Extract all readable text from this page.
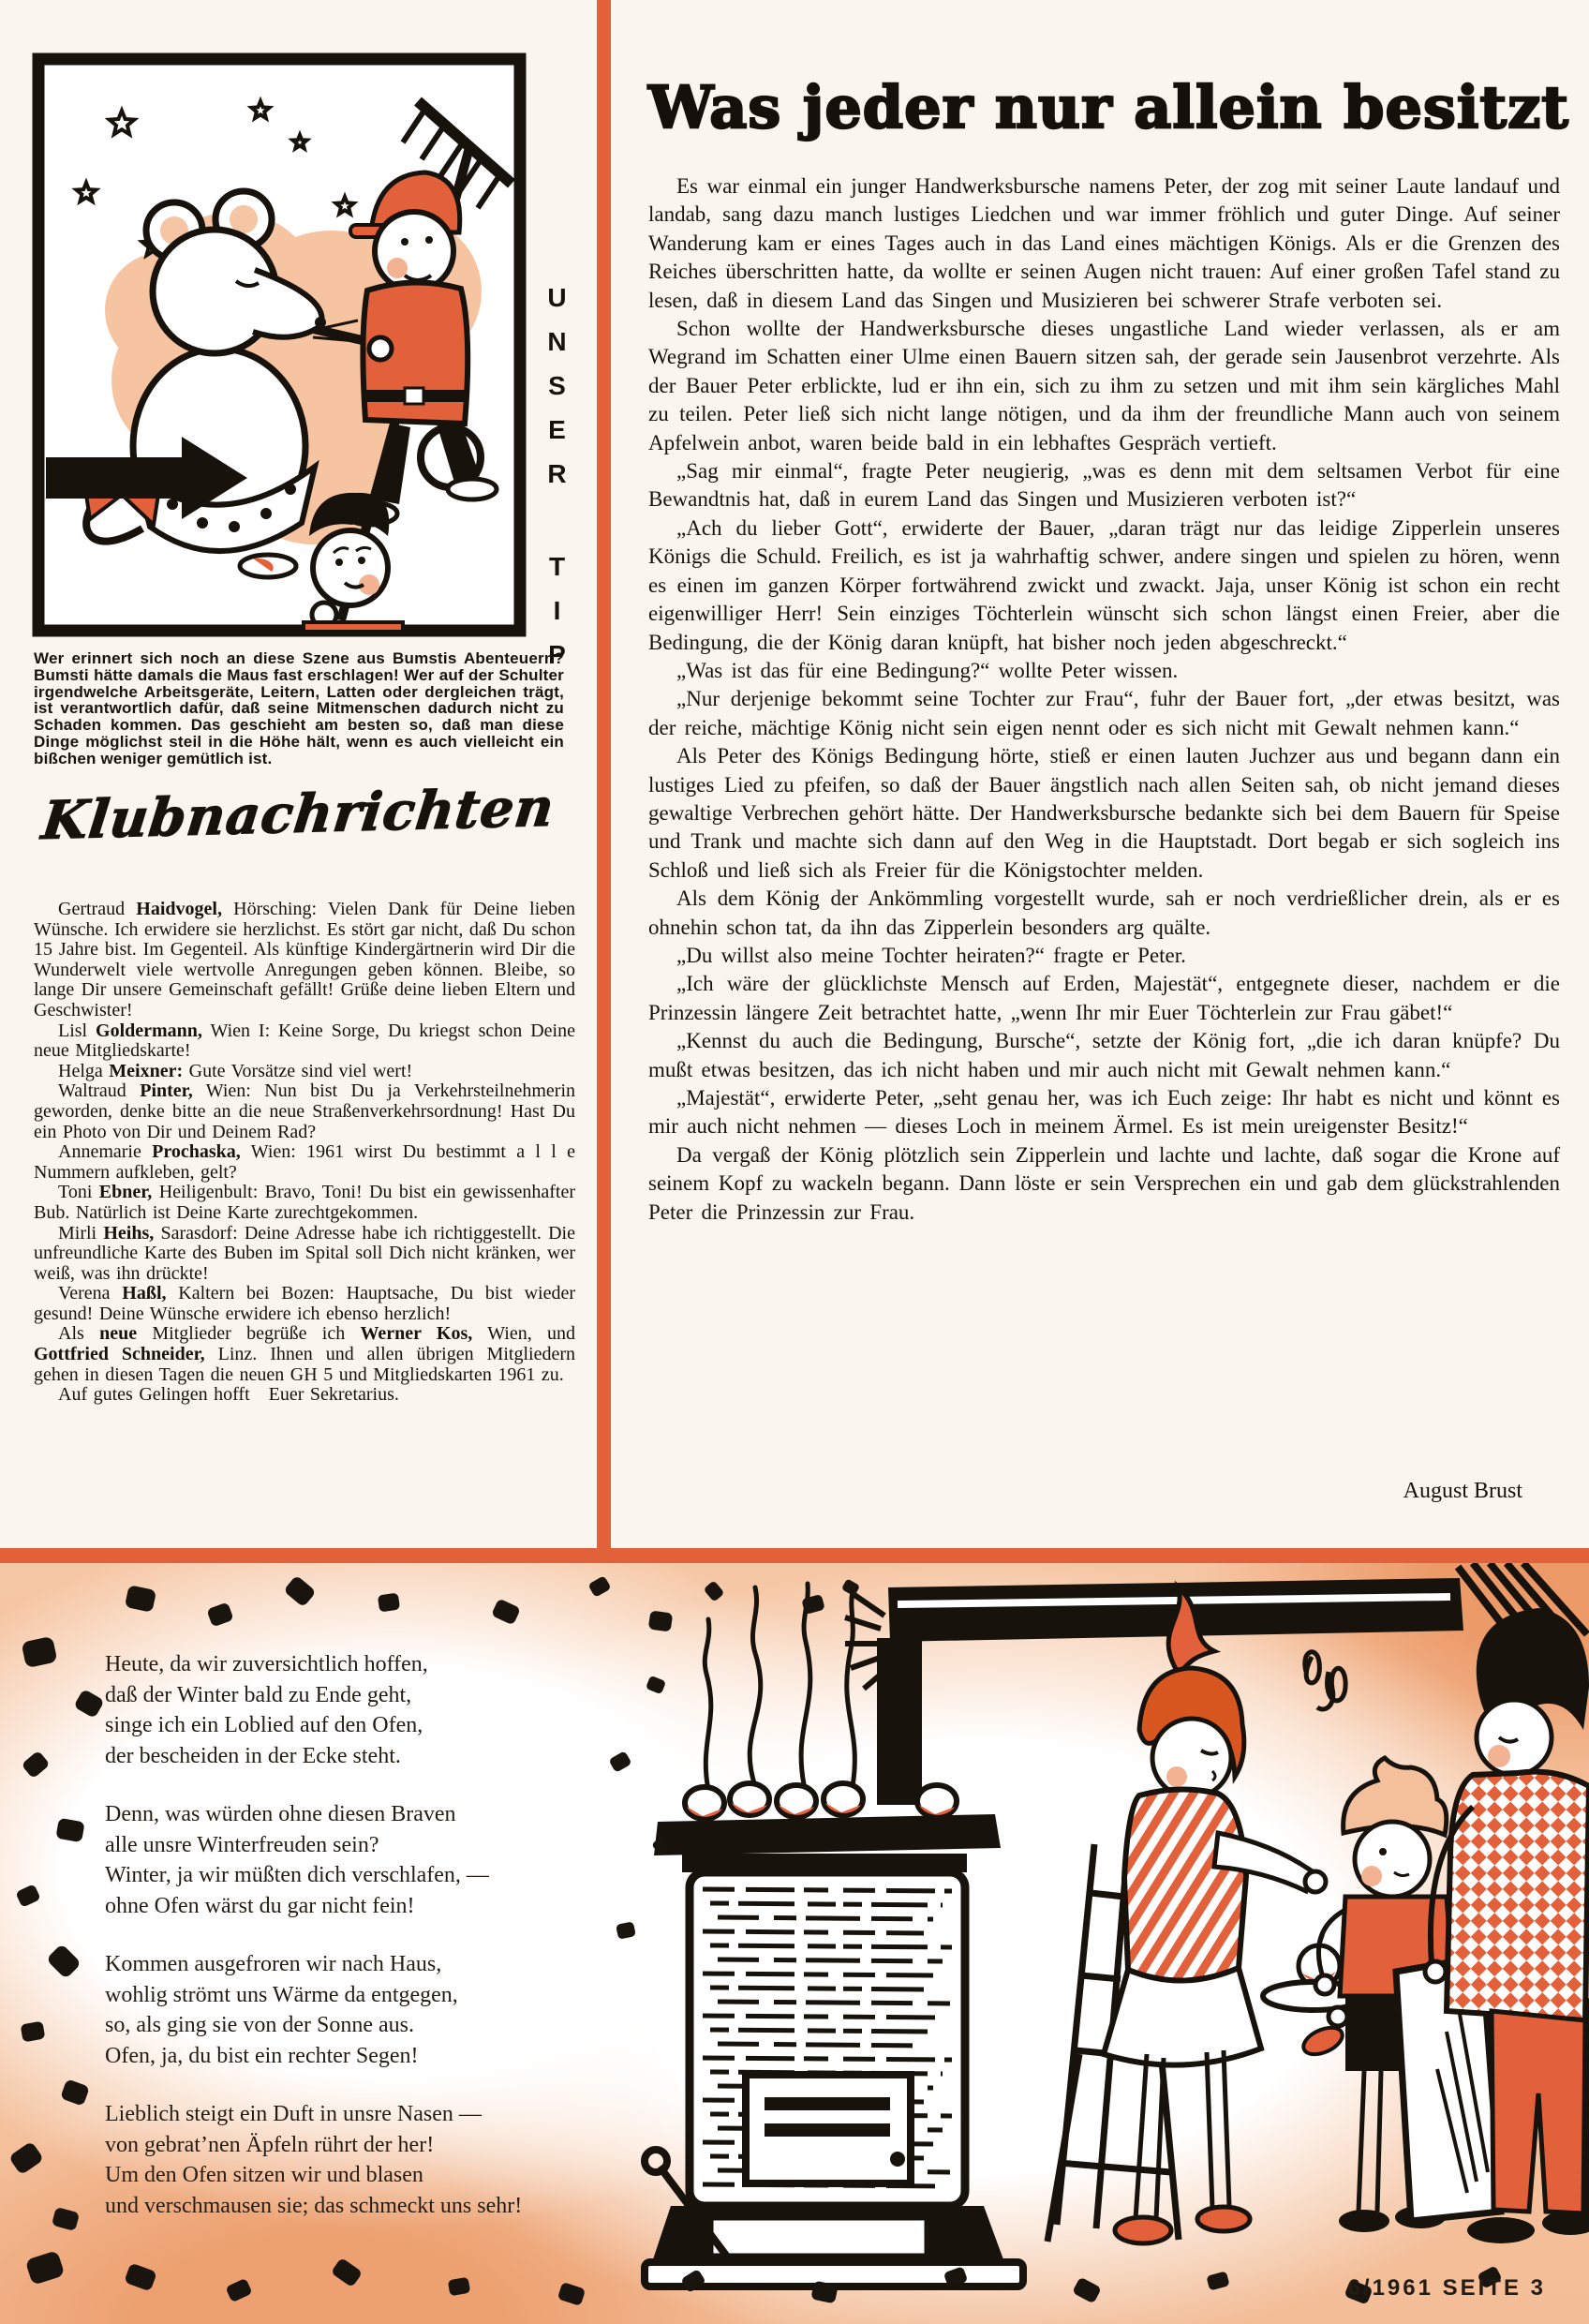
UNSER
TIP

Wer erinnert sich noch an diese Szene aus Bumstis Abenteuern? Bumsti hätte damals die Maus fast erschlagen! Wer auf der Schulter irgendwelche Arbeitsgeräte, Leitern, Latten oder dergleichen trägt, ist verantwortlich dafür, daß seine Mitmenschen dadurch nicht zu Schaden kommen. Das geschieht am besten so, daß man diese Dinge möglichst steil in die Höhe hält, wenn es auch vielleicht ein bißchen weniger gemütlich ist.

Klubnachrichten

Gertraud Haidvogel, Hörsching: Vielen Dank für Deine lieben Wünsche. Ich erwidere sie herzlichst. Es stört gar nicht, daß Du schon 15 Jahre bist. Im Gegenteil. Als künftige Kindergärtnerin wird Dir die Wunderwelt viele wertvolle Anregungen geben können. Bleibe, so lange Dir unsere Gemeinschaft gefällt! Grüße deine lieben Eltern und Geschwister!

Lisl Goldermann, Wien I: Keine Sorge, Du kriegst schon Deine neue Mitgliedskarte!

Helga Meixner: Gute Vorsätze sind viel wert!

Waltraud Pinter, Wien: Nun bist Du ja Verkehrsteilnehmerin geworden, denke bitte an die neue Straßenverkehrsordnung! Hast Du ein Photo von Dir und Deinem Rad?

Annemarie Prochaska, Wien: 1961 wirst Du bestimmt a l l e Nummern aufkleben, gelt?

Toni Ebner, Heiligenbult: Bravo, Toni! Du bist ein gewissenhafter Bub. Natürlich ist Deine Karte zurechtgekommen.

Mirli Heihs, Sarasdorf: Deine Adresse habe ich richtiggestellt. Die unfreundliche Karte des Buben im Spital soll Dich nicht kränken, wer weiß, was ihn drückte!

Verena Haßl, Kaltern bei Bozen: Hauptsache, Du bist wieder gesund! Deine Wünsche erwidere ich ebenso herzlich!

Als neue Mitglieder begrüße ich Werner Kos, Wien, und Gottfried Schneider, Linz. Ihnen und allen übrigen Mitgliedern gehen in diesen Tagen die neuen GH 5 und Mitgliedskarten 1961 zu.

Auf gutes Gelingen hofft  Euer Sekretarius.

Was jeder nur allein besitzt

Es war einmal ein junger Handwerksbursche namens Peter, der zog mit seiner Laute landauf und landab, sang dazu manch lustiges Liedchen und war immer fröhlich und guter Dinge. Auf seiner Wanderung kam er eines Tages auch in das Land eines mächtigen Königs. Als er die Grenzen des Reiches überschritten hatte, da wollte er seinen Augen nicht trauen: Auf einer großen Tafel stand zu lesen, daß in diesem Land das Singen und Musizieren bei schwerer Strafe verboten sei.

Schon wollte der Handwerksbursche dieses ungastliche Land wieder verlassen, als er am Wegrand im Schatten einer Ulme einen Bauern sitzen sah, der gerade sein Jausenbrot verzehrte. Als der Bauer Peter erblickte, lud er ihn ein, sich zu ihm zu setzen und mit ihm sein kärgliches Mahl zu teilen. Peter ließ sich nicht lange nötigen, und da ihm der freundliche Mann auch von seinem Apfelwein anbot, waren beide bald in ein lebhaftes Gespräch vertieft.

„Sag mir einmal“, fragte Peter neugierig, „was es denn mit dem seltsamen Verbot für eine Bewandtnis hat, daß in eurem Land das Singen und Musizieren verboten ist?“

„Ach du lieber Gott“, erwiderte der Bauer, „daran trägt nur das leidige Zipperlein unseres Königs die Schuld. Freilich, es ist ja wahrhaftig schwer, andere singen und spielen zu hören, wenn es einen im ganzen Körper fortwährend zwickt und zwackt. Jaja, unser König ist schon ein recht eigenwilliger Herr! Sein einziges Töchterlein wünscht sich schon längst einen Freier, aber die Bedingung, die der König daran knüpft, hat bisher noch jeden abgeschreckt.“

„Was ist das für eine Bedingung?“ wollte Peter wissen.

„Nur derjenige bekommt seine Tochter zur Frau“, fuhr der Bauer fort, „der etwas besitzt, was der reiche, mächtige König nicht sein eigen nennt oder es sich nicht mit Gewalt nehmen kann.“

Als Peter des Königs Bedingung hörte, stieß er einen lauten Juchzer aus und begann dann ein lustiges Lied zu pfeifen, so daß der Bauer ängstlich nach allen Seiten sah, ob nicht jemand dieses gewaltige Verbrechen gehört hätte. Der Handwerksbursche bedankte sich bei dem Bauern für Speise und Trank und machte sich dann auf den Weg in die Hauptstadt. Dort begab er sich sogleich ins Schloß und ließ sich als Freier für die Königstochter melden.

Als dem König der Ankömmling vorgestellt wurde, sah er noch verdrießlicher drein, als er es ohnehin schon tat, da ihn das Zipperlein besonders arg quälte.

„Du willst also meine Tochter heiraten?“ fragte er Peter.

„Ich wäre der glücklichste Mensch auf Erden, Majestät“, entgegnete dieser, nachdem er die Prinzessin längere Zeit betrachtet hatte, „wenn Ihr mir Euer Töchterlein zur Frau gäbet!“

„Kennst du auch die Bedingung, Bursche“, setzte der König fort, „die ich daran knüpfe? Du mußt etwas besitzen, das ich nicht haben und mir auch nicht mit Gewalt nehmen kann.“

„Majestät“, erwiderte Peter, „seht genau her, was ich Euch zeige: Ihr habt es nicht und könnt es mir auch nicht nehmen — dieses Loch in meinem Ärmel. Es ist mein ureigenster Besitz!“

Da vergaß der König plötzlich sein Zipperlein und lachte und lachte, daß sogar die Krone auf seinem Kopf zu wackeln begann. Dann löste er sein Versprechen ein und gab dem glückstrahlenden Peter die Prinzessin zur Frau.

August Brust

Heute, da wir zuversichtlich hoffen,
daß der Winter bald zu Ende geht,
singe ich ein Loblied auf den Ofen,
der bescheiden in der Ecke steht.
Denn, was würden ohne diesen Braven
alle unsre Winterfreuden sein?
Winter, ja wir müßten dich verschlafen, —
ohne Ofen wärst du gar nicht fein!
Kommen ausgefroren wir nach Haus,
wohlig strömt uns Wärme da entgegen,
so, als ging sie von der Sonne aus.
Ofen, ja, du bist ein rechter Segen!
Lieblich steigt ein Duft in unsre Nasen —
von gebrat’nen Äpfeln rührt der her!
Um den Ofen sitzen wir und blasen
und verschmausen sie; das schmeckt uns sehr!
6/1961 SEITE 3
